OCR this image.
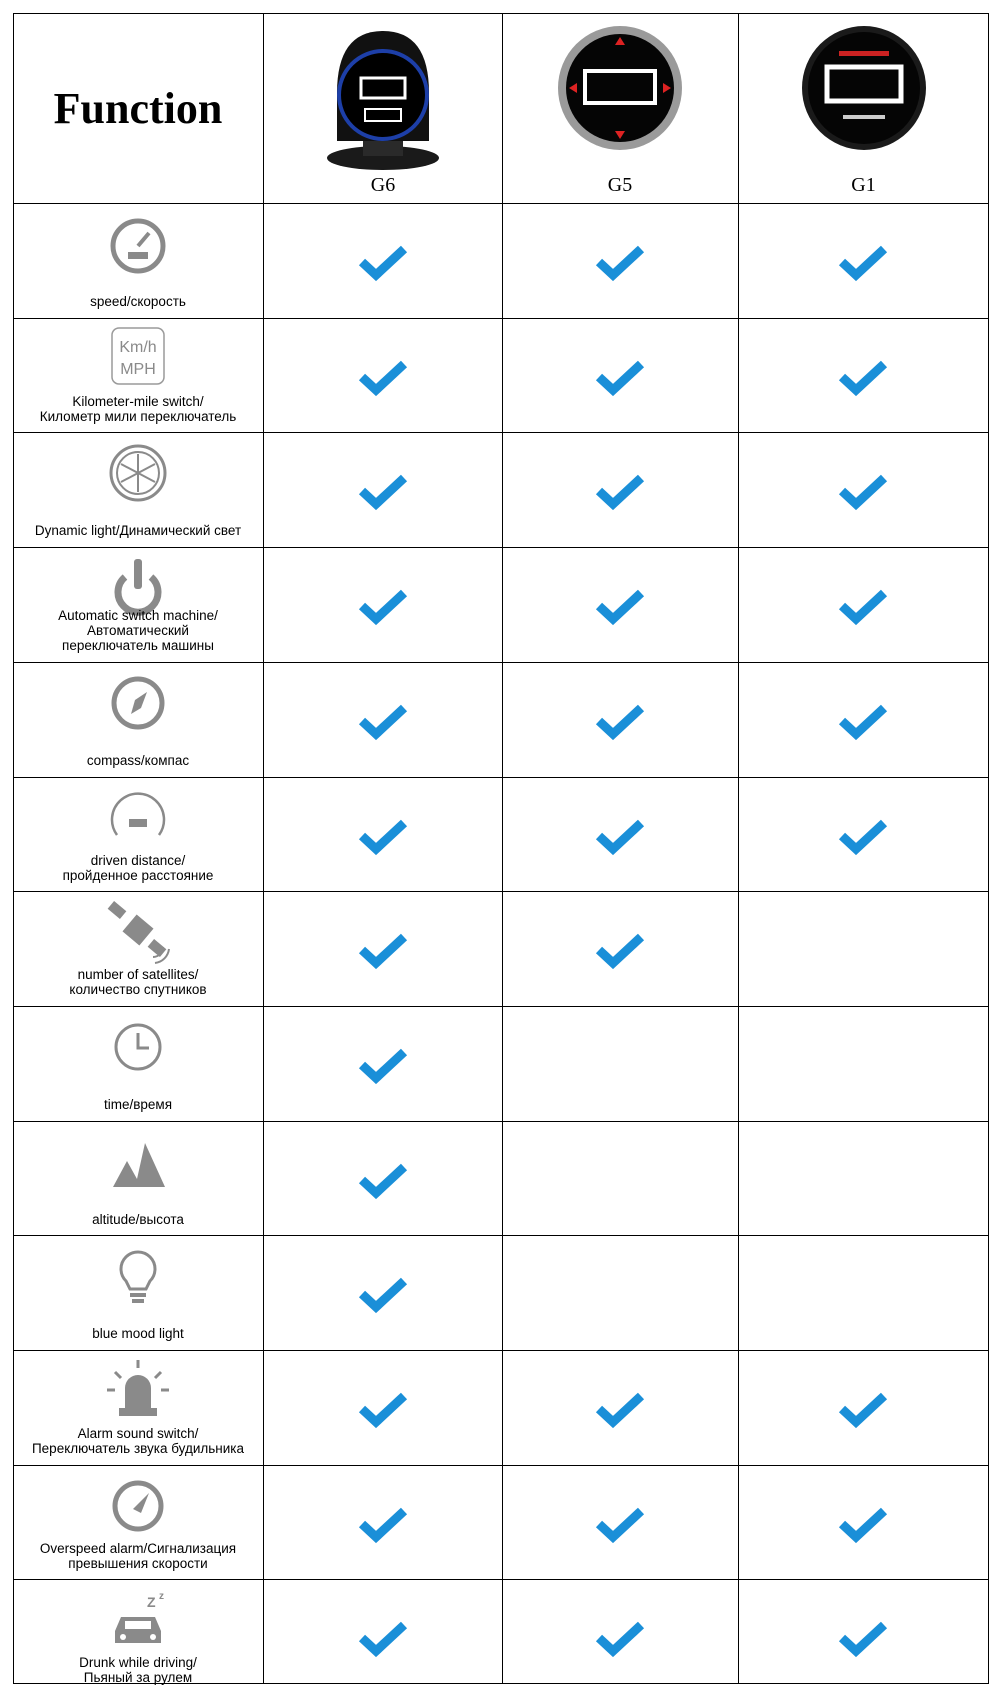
Function
G6	G5	G1
speed/скорость
Km/h
MPH
Kilometer-mile switch/
Километр мили переключатель
Dynamic light/Динамический свет
Automatic switch machine/
Автоматический
переключатель машины
compass/компас
driven distance/
пройденное расстояние
number of satellites/
количество спутников
time/время
altitude/высота
blue mood light
Alarm sound switch/
Переключатель звука будильника
Overspeed alarm/Сигнализация
превышения скорости
Z z
Drunk while driving/
Пьяный за рулем
